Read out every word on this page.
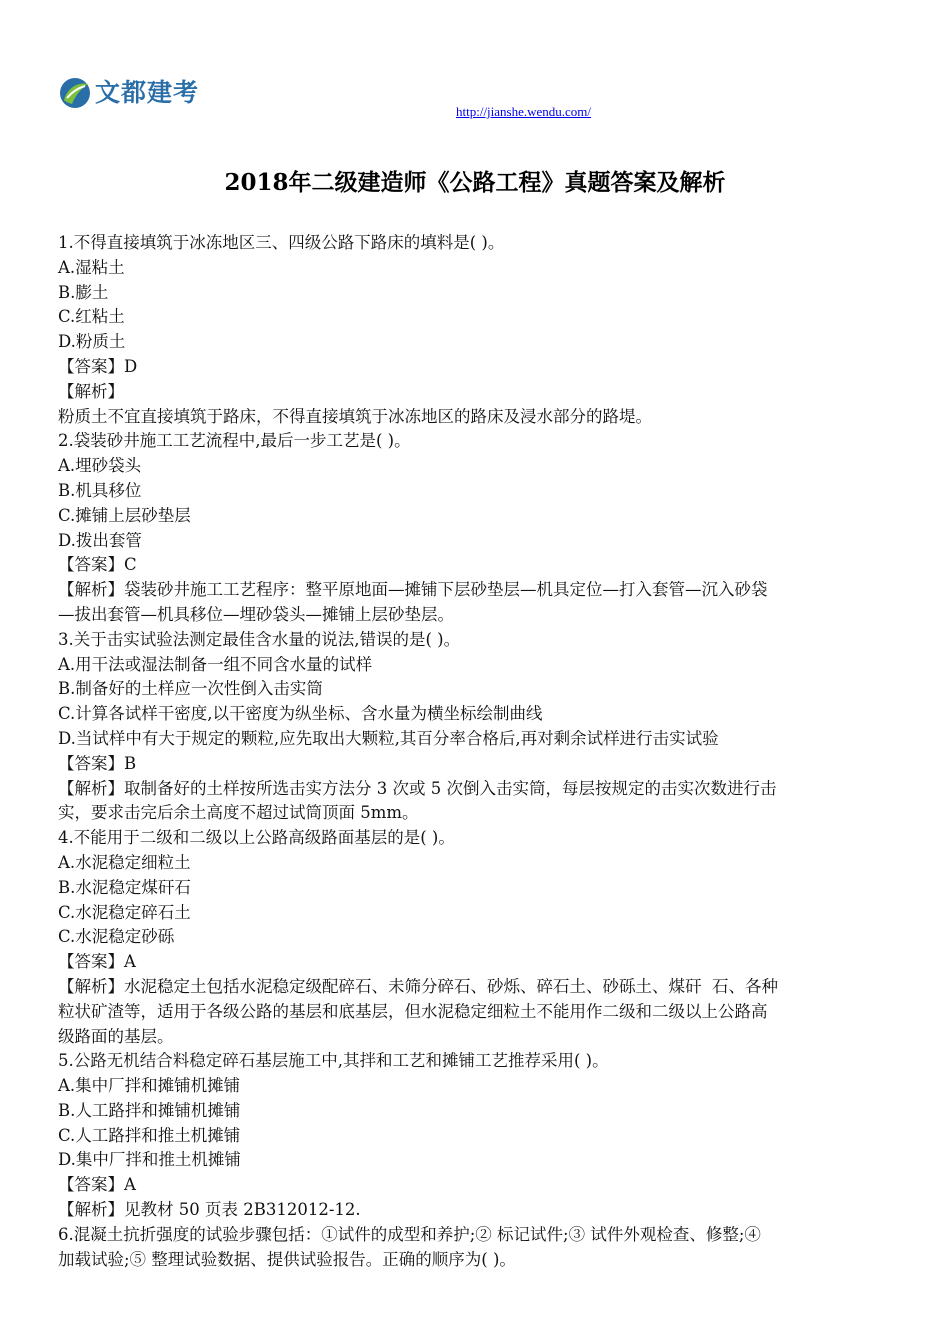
文都建考
http://jianshe.wendu.com/
2018年二级建造师《公路工程》真题答案及解析

1.不得直接填筑于冰冻地区三、四级公路下路床的填料是( )。

A.湿粘土

B.膨土

C.红粘土

D.粉质土

【答案】D

【解析】

粉质土不宜直接填筑于路床，不得直接填筑于冰冻地区的路床及浸水部分的路堤。

2.袋装砂井施工工艺流程中,最后一步工艺是( )。

A.埋砂袋头

B.机具移位

C.摊铺上层砂垫层

D.拨出套管

【答案】C

【解析】袋装砂井施工工艺程序：整平原地面—摊铺下层砂垫层—机具定位—打入套管—沉入砂袋

—拔出套管—机具移位—埋砂袋头—摊铺上层砂垫层。

3.关于击实试验法测定最佳含水量的说法,错误的是( )。

A.用干法或湿法制备一组不同含水量的试样

B.制备好的土样应一次性倒入击实筒

C.计算各试样干密度,以干密度为纵坐标、含水量为横坐标绘制曲线

D.当试样中有大于规定的颗粒,应先取出大颗粒,其百分率合格后,再对剩余试样进行击实试验

【答案】B

【解析】取制备好的土样按所选击实方法分 3 次或 5 次倒入击实筒，每层按规定的击实次数进行击

实，要求击完后余土高度不超过试筒顶面 5mm。

4.不能用于二级和二级以上公路高级路面基层的是( )。

A.水泥稳定细粒土

B.水泥稳定煤矸石

C.水泥稳定碎石土

C.水泥稳定砂砾

【答案】A

【解析】水泥稳定土包括水泥稳定级配碎石、未筛分碎石、砂烁、碎石土、砂砾土、煤矸  石、各种

粒状矿渣等，适用于各级公路的基层和底基层，但水泥稳定细粒土不能用作二级和二级以上公路高

级路面的基层。

5.公路无机结合料稳定碎石基层施工中,其拌和工艺和摊铺工艺推荐采用( )。

A.集中厂拌和摊铺机摊铺

B.人工路拌和摊铺机摊铺

C.人工路拌和推土机摊铺

D.集中厂拌和推土机摊铺

【答案】A

【解析】见教材 50 页表 2B312012-12.

6.混凝土抗折强度的试验步骤包括：①试件的成型和养护;② 标记试件;③ 试件外观检查、修整;④

加载试验;⑤ 整理试验数据、提供试验报告。正确的顺序为( )。
